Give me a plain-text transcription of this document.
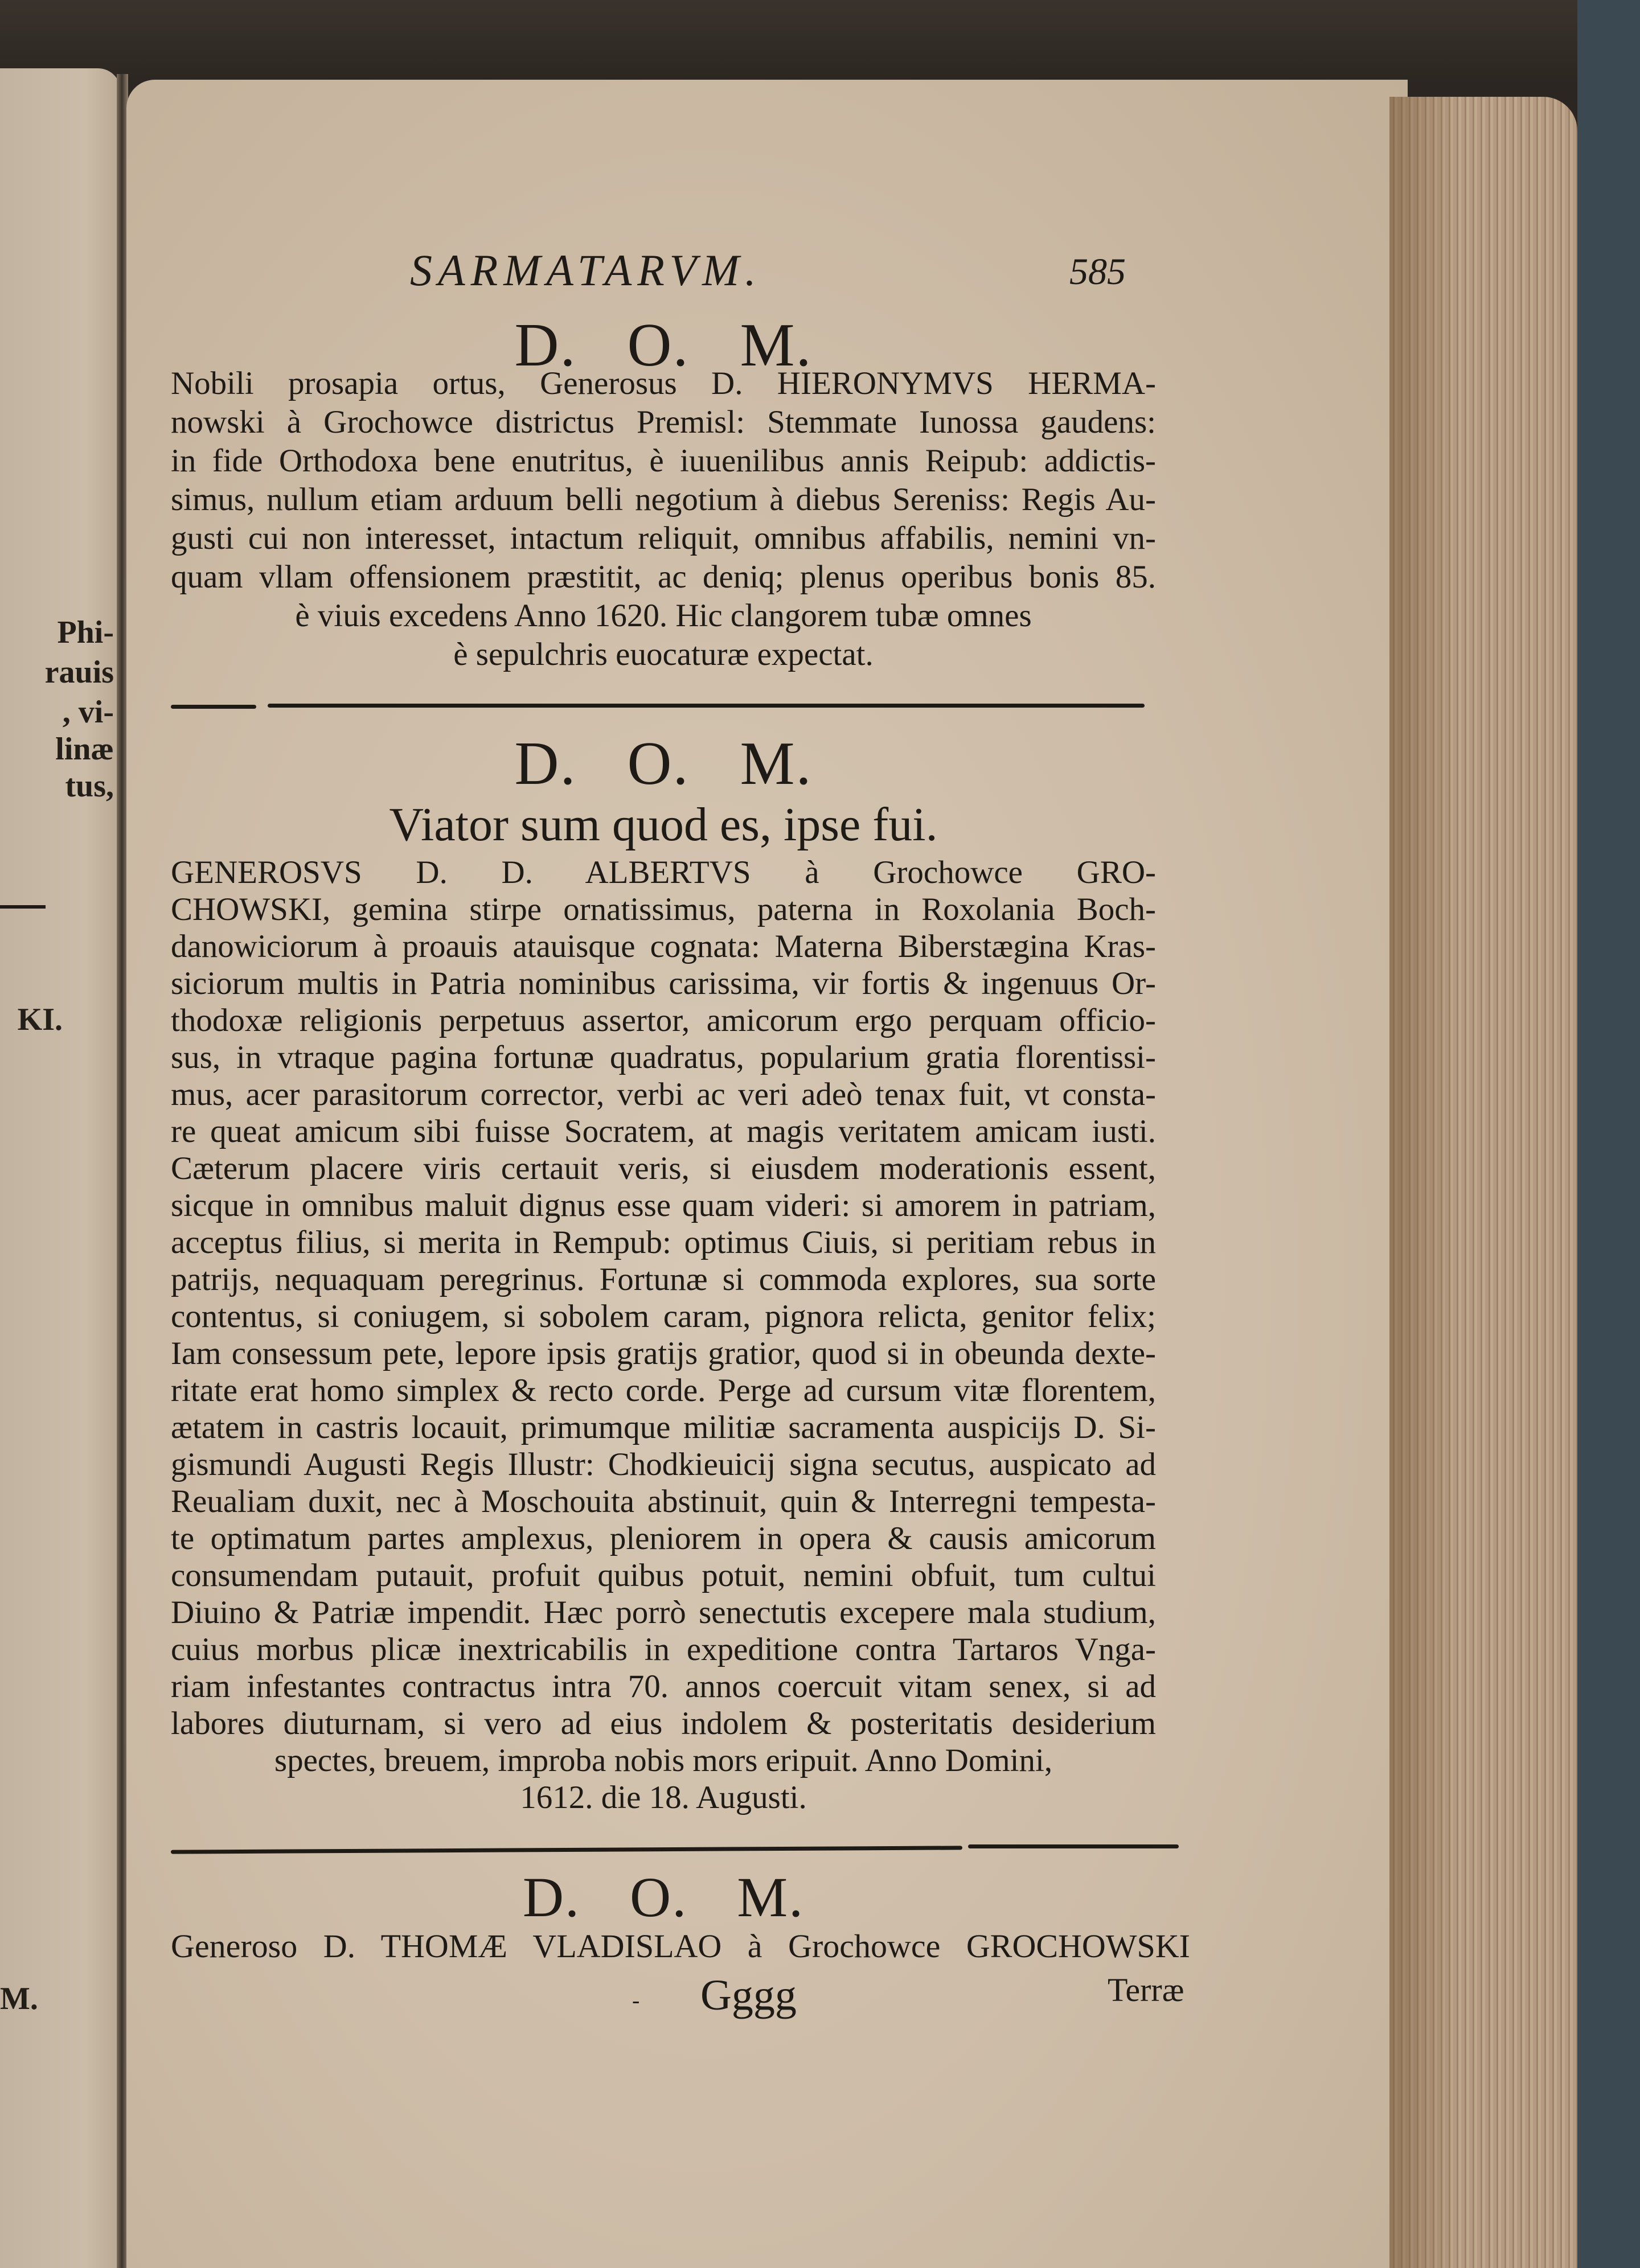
Phi-
rauis
, vi-
linæ
tus,
KI.
M.
SARMATARVM.	585
D. O. M.
Nobili prosapia ortus, Generosus D. HIERONYMVS HERMA-
nowski à Grochowce districtus Premisl: Stemmate Iunossa gaudens:
in fide Orthodoxa bene enutritus, è iuuenilibus annis Reipub: addictis-
simus, nullum etiam arduum belli negotium à diebus Sereniss: Regis Au-
gusti cui non interesset, intactum reliquit, omnibus affabilis, nemini vn-
quam vllam offensionem præstitit, ac deniq; plenus operibus bonis 85.
è viuis excedens Anno 1620. Hic clangorem tubæ omnes
è sepulchris euocaturæ expectat.
D. O. M.
Viator sum quod es, ipse fui.
GENEROSVS D. D. ALBERTVS à Grochowce GRO-
CHOWSKI, gemina stirpe ornatissimus, paterna in Roxolania Boch-
danowiciorum à proauis atauisque cognata: Materna Biberstægina Kras-
siciorum multis in Patria nominibus carissima, vir fortis & ingenuus Or-
thodoxæ religionis perpetuus assertor, amicorum ergo perquam officio-
sus, in vtraque pagina fortunæ quadratus, popularium gratia florentissi-
mus, acer parasitorum corrector, verbi ac veri adeò tenax fuit, vt consta-
re queat amicum sibi fuisse Socratem, at magis veritatem amicam iusti.
Cæterum placere viris certauit veris, si eiusdem moderationis essent,
sicque in omnibus maluit dignus esse quam videri: si amorem in patriam,
acceptus filius, si merita in Rempub: optimus Ciuis, si peritiam rebus in
patrijs, nequaquam peregrinus. Fortunæ si commoda explores, sua sorte
contentus, si coniugem, si sobolem caram, pignora relicta, genitor felix;
Iam consessum pete, lepore ipsis gratijs gratior, quod si in obeunda dexte-
ritate erat homo simplex & recto corde. Perge ad cursum vitæ florentem,
ætatem in castris locauit, primumque militiæ sacramenta auspicijs D. Si-
gismundi Augusti Regis Illustr: Chodkieuicij signa secutus, auspicato ad
Reualiam duxit, nec à Moschouita abstinuit, quin & Interregni tempesta-
te optimatum partes amplexus, pleniorem in opera & causis amicorum
consumendam putauit, profuit quibus potuit, nemini obfuit, tum cultui
Diuino & Patriæ impendit. Hæc porrò senectutis excepere mala studium,
cuius morbus plicæ inextricabilis in expeditione contra Tartaros Vnga-
riam infestantes contractus intra 70. annos coercuit vitam senex, si ad
labores diuturnam, si vero ad eius indolem & posteritatis desiderium
spectes, breuem, improba nobis mors eripuit. Anno Domini,
1612. die 18. Augusti.
D. O. M.
Generoso D. THOMÆ VLADISLAO à Grochowce GROCHOWSKI
- Gggg	Terræ
